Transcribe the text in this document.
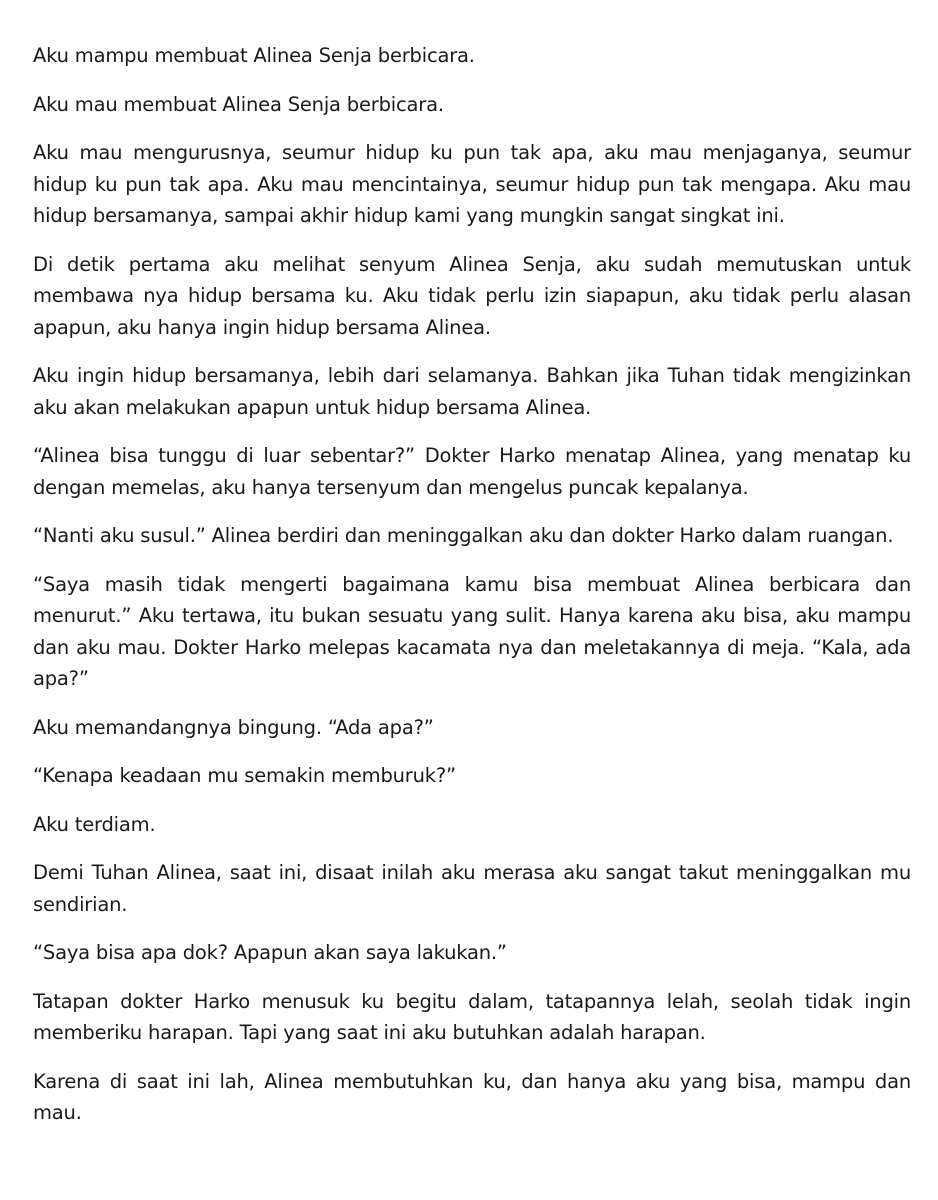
Aku mampu membuat Alinea Senja berbicara.

Aku mau membuat Alinea Senja berbicara.

Aku mau mengurusnya, seumur hidup ku pun tak apa, aku mau menjaganya, seumur hidup ku pun tak apa. Aku mau mencintainya, seumur hidup pun tak mengapa. Aku mau hidup bersamanya, sampai akhir hidup kami yang mungkin sangat singkat ini.

Di detik pertama aku melihat senyum Alinea Senja, aku sudah memutuskan untuk membawa nya hidup bersama ku. Aku tidak perlu izin siapapun, aku tidak perlu alasan apapun, aku hanya ingin hidup bersama Alinea.

Aku ingin hidup bersamanya, lebih dari selamanya. Bahkan jika Tuhan tidak mengizinkan aku akan melakukan apapun untuk hidup bersama Alinea.

“Alinea bisa tunggu di luar sebentar?” Dokter Harko menatap Alinea, yang menatap ku dengan memelas, aku hanya tersenyum dan mengelus puncak kepalanya.

“Nanti aku susul.” Alinea berdiri dan meninggalkan aku dan dokter Harko dalam ruangan.

“Saya masih tidak mengerti bagaimana kamu bisa membuat Alinea berbicara dan menurut.” Aku tertawa, itu bukan sesuatu yang sulit. Hanya karena aku bisa, aku mampu dan aku mau. Dokter Harko melepas kacamata nya dan meletakannya di meja. “Kala, ada apa?”

Aku memandangnya bingung. “Ada apa?”

“Kenapa keadaan mu semakin memburuk?”

Aku terdiam.

Demi Tuhan Alinea, saat ini, disaat inilah aku merasa aku sangat takut meninggalkan mu sendirian.

“Saya bisa apa dok? Apapun akan saya lakukan.”

Tatapan dokter Harko menusuk ku begitu dalam, tatapannya lelah, seolah tidak ingin memberiku harapan. Tapi yang saat ini aku butuhkan adalah harapan.

Karena di saat ini lah, Alinea membutuhkan ku, dan hanya aku yang bisa, mampu dan mau.
